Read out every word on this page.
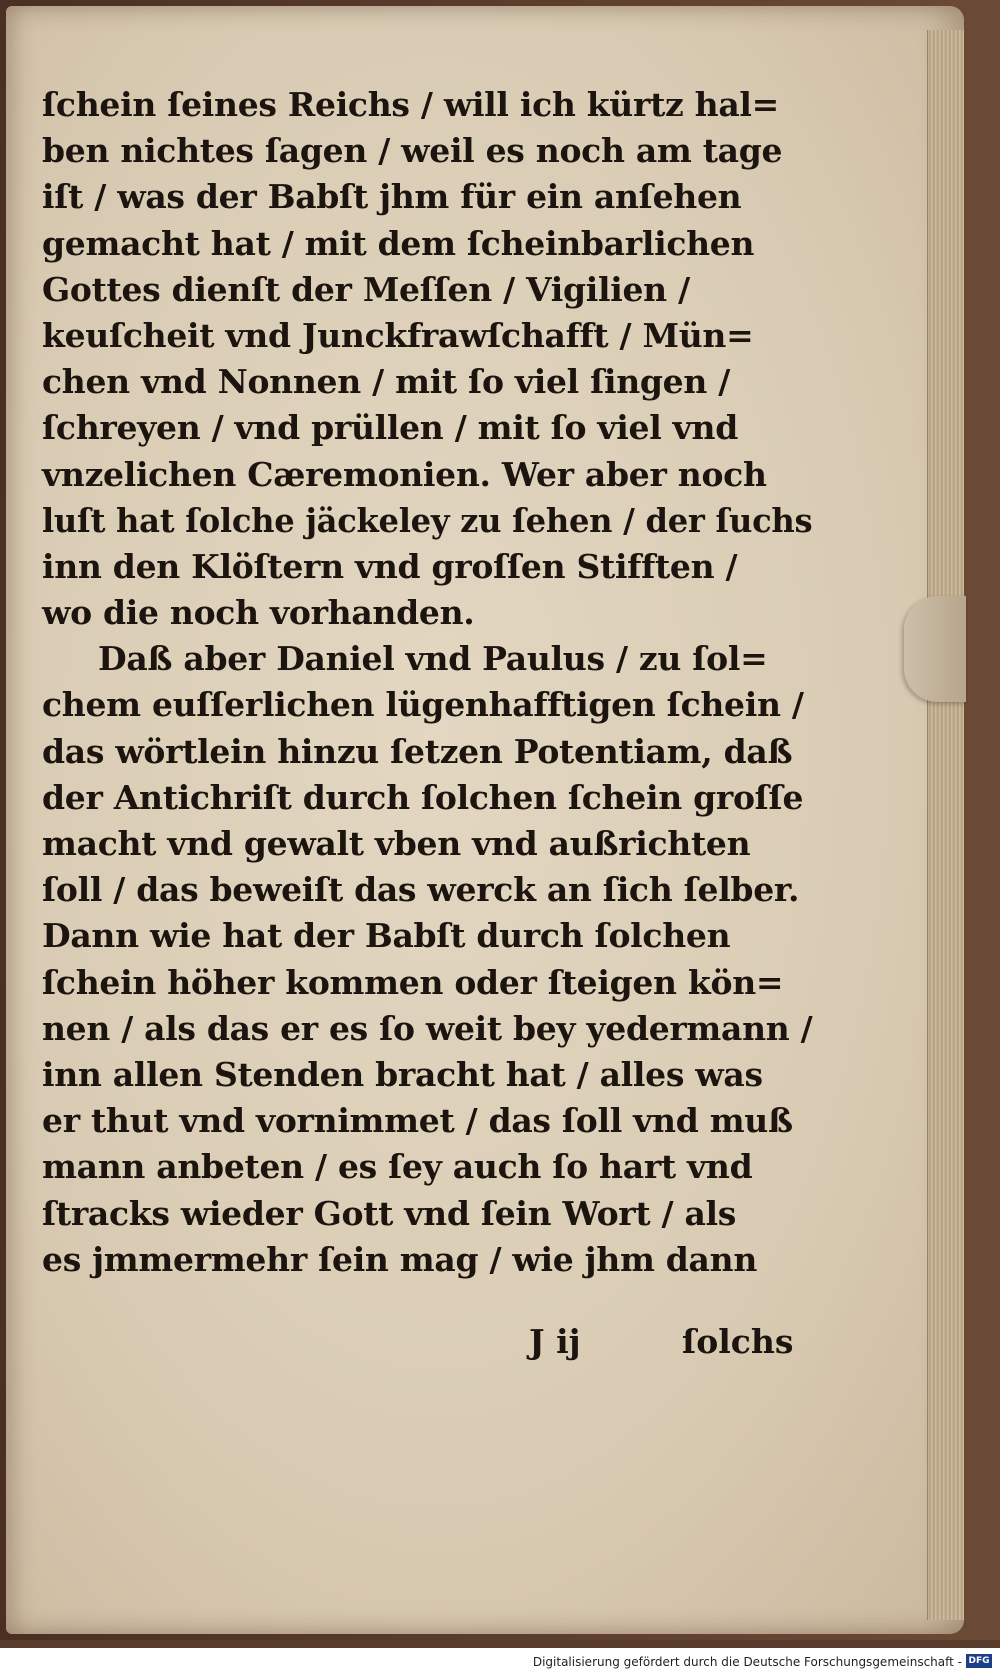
ſchein ſeines Reichs / will ich kürtz hal=
ben nichtes ſagen / weil es noch am tage
iſt / was der Babſt jhm für ein anſehen
gemacht hat / mit dem ſcheinbarlichen
Gottes dienſt der Meſſen / Vigilien /
keuſcheit vnd Junckfrawſchafft / Mün=
chen vnd Nonnen / mit ſo viel ſingen /
ſchreyen / vnd prüllen / mit ſo viel vnd
vnzelichen Cæremonien. Wer aber noch
luſt hat ſolche jäckeley zu ſehen / der ſuchs
inn den Klöſtern vnd groſſen Stifften /
wo die noch vorhanden.
Daß aber Daniel vnd Paulus / zu ſol=
chem euſſerlichen lügenhafftigen ſchein /
das wörtlein hinzu ſetzen Potentiam, daß
der Antichriſt durch ſolchen ſchein groſſe
macht vnd gewalt vben vnd außrichten
ſoll / das beweiſt das werck an ſich ſelber.
Dann wie hat der Babſt durch ſolchen
ſchein höher kommen oder ſteigen kön=
nen / als das er es ſo weit bey yedermann /
inn allen Stenden bracht hat / alles was
er thut vnd vornimmet / das ſoll vnd muß
mann anbeten / es ſey auch ſo hart vnd
ſtracks wieder Gott vnd ſein Wort / als
es jmmermehr ſein mag / wie jhm dann
J ij	ſolchs
Digitalisierung gefördert durch die Deutsche Forschungsgemeinschaft - DFG
